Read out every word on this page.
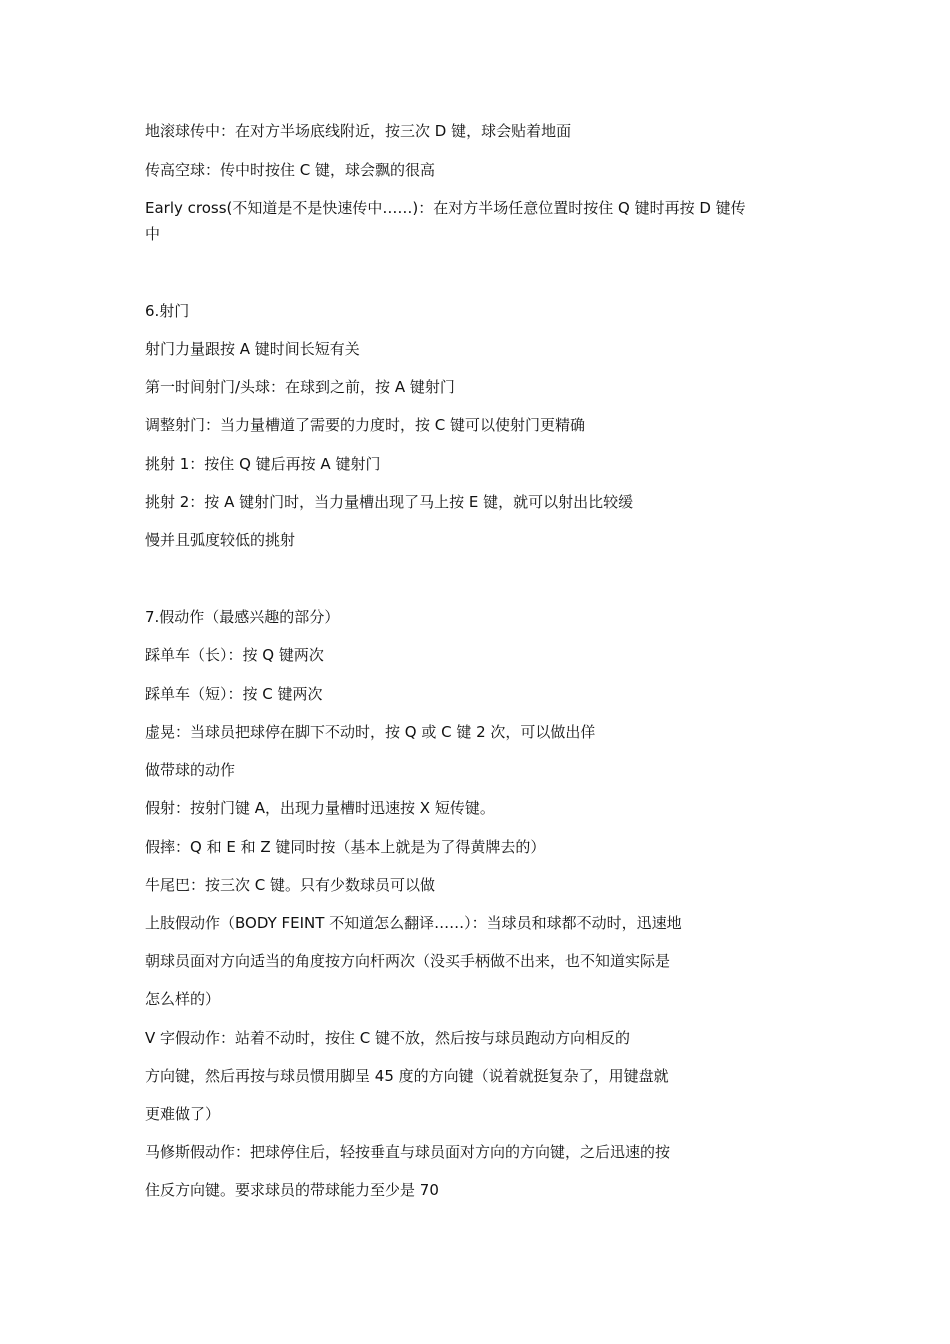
地滚球传中：在对方半场底线附近，按三次 D 键，球会贴着地面
传高空球：传中时按住 C 键，球会飘的很高
Early cross(不知道是不是快速传中……)：在对方半场任意位置时按住 Q 键时再按 D 键传
中
6.射门
射门力量跟按 A 键时间长短有关
第一时间射门/头球：在球到之前，按 A 键射门
调整射门：当力量槽道了需要的力度时，按 C 键可以使射门更精确
挑射 1：按住 Q 键后再按 A 键射门
挑射 2：按 A 键射门时，当力量槽出现了马上按 E 键，就可以射出比较缓
慢并且弧度较低的挑射
7.假动作（最感兴趣的部分）
踩单车（长）：按 Q 键两次
踩单车（短）：按 C 键两次
虚晃：当球员把球停在脚下不动时，按 Q 或 C 键 2 次，可以做出佯
做带球的动作
假射：按射门键 A，出现力量槽时迅速按 X 短传键。
假摔：Q 和 E 和 Z 键同时按（基本上就是为了得黄牌去的）
牛尾巴：按三次 C 键。只有少数球员可以做
上肢假动作（BODY FEINT 不知道怎么翻译……）：当球员和球都不动时，迅速地
朝球员面对方向适当的角度按方向杆两次（没买手柄做不出来，也不知道实际是
怎么样的）
V 字假动作：站着不动时，按住 C 键不放，然后按与球员跑动方向相反的
方向键，然后再按与球员惯用脚呈 45 度的方向键（说着就挺复杂了，用键盘就
更难做了）
马修斯假动作：把球停住后，轻按垂直与球员面对方向的方向键，之后迅速的按
住反方向键。要求球员的带球能力至少是 70
